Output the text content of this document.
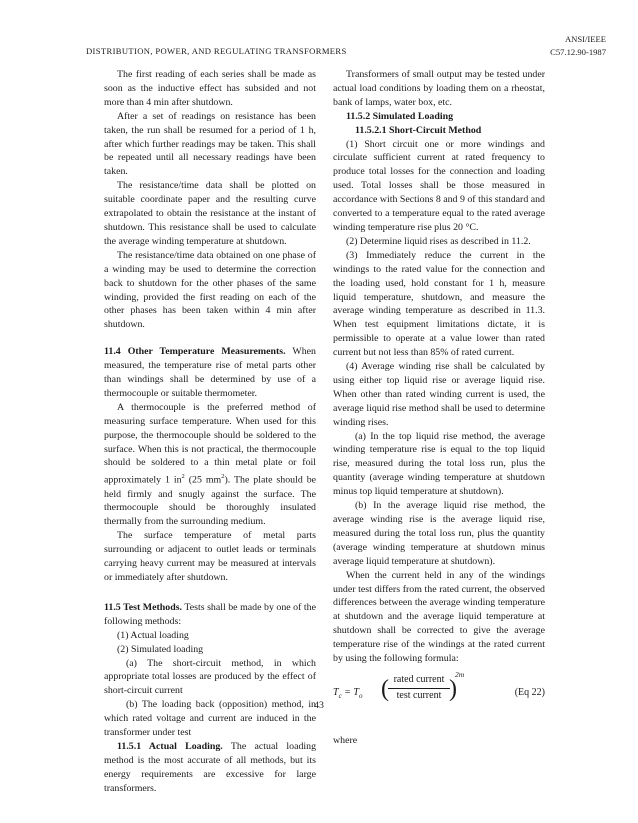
DISTRIBUTION, POWER, AND REGULATING TRANSFORMERS
ANSI/IEEE
C57.12.90-1987

The first reading of each series shall be made as soon as the inductive effect has subsided and not more than 4 min after shutdown.

After a set of readings on resistance has been taken, the run shall be resumed for a period of 1 h, after which further readings may be taken. This shall be repeated until all necessary readings have been taken.

The resistance/time data shall be plotted on suitable coordinate paper and the resulting curve extrapolated to obtain the resistance at the instant of shutdown. This resistance shall be used to calculate the average winding temperature at shutdown.

The resistance/time data obtained on one phase of a winding may be used to determine the correction back to shutdown for the other phases of the same winding, provided the first reading on each of the other phases has been taken within 4 min after shutdown.

11.4 Other Temperature Measurements. When measured, the temperature rise of metal parts other than windings shall be determined by use of a thermocouple or suitable thermometer.

A thermocouple is the preferred method of measuring surface temperature. When used for this purpose, the thermocouple should be soldered to the surface. When this is not practical, the thermocouple should be soldered to a thin metal plate or foil approximately 1 $in^2$ (25 $mm^2$). The plate should be held firmly and snugly against the surface. The thermocouple should be thoroughly insulated thermally from the surrounding medium.

The surface temperature of metal parts surrounding or adjacent to outlet leads or terminals carrying heavy current may be measured at intervals or immediately after shutdown.

11.5 Test Methods. Tests shall be made by one of the following methods:

(1) Actual loading

(2) Simulated loading

(a) The short-circuit method, in which appropriate total losses are produced by the effect of short-circuit current

(b) The loading back (opposition) method, in which rated voltage and current are induced in the transformer under test

11.5.1 Actual Loading. The actual loading method is the most accurate of all methods, but its energy requirements are excessive for large transformers.

Transformers of small output may be tested under actual load conditions by loading them on a rheostat, bank of lamps, water box, etc.

11.5.2 Simulated Loading

11.5.2.1 Short-Circuit Method

(1) Short circuit one or more windings and circulate sufficient current at rated frequency to produce total losses for the connection and loading used. Total losses shall be those measured in accordance with Sections 8 and 9 of this standard and converted to a temperature equal to the rated average winding temperature rise plus 20 °C.

(2) Determine liquid rises as described in 11.2.

(3) Immediately reduce the current in the windings to the rated value for the connection and the loading used, hold constant for 1 h, measure liquid temperature, shutdown, and measure the average winding temperature as described in 11.3. When test equipment limitations dictate, it is permissible to operate at a value lower than rated current but not less than 85% of rated current.

(4) Average winding rise shall be calculated by using either top liquid rise or average liquid rise. When other than rated winding current is used, the average liquid rise method shall be used to determine winding rises.

(a) In the top liquid rise method, the average winding temperature rise is equal to the top liquid rise, measured during the total loss run, plus the quantity (average winding temperature at shutdown minus top liquid temperature at shutdown).

(b) In the average liquid rise method, the average winding rise is the average liquid rise, measured during the total loss run, plus the quantity (average winding temperature at shutdown minus average liquid temperature at shutdown).

When the current held in any of the windings under test differs from the rated current, the observed differences between the average winding temperature at shutdown and the average liquid temperature at shutdown shall be corrected to give the average temperature rise of the windings at the rated current by using the following formula:

$T_c = T_o$ ( rated current
test current )
2m
(Eq 22)

where

43
